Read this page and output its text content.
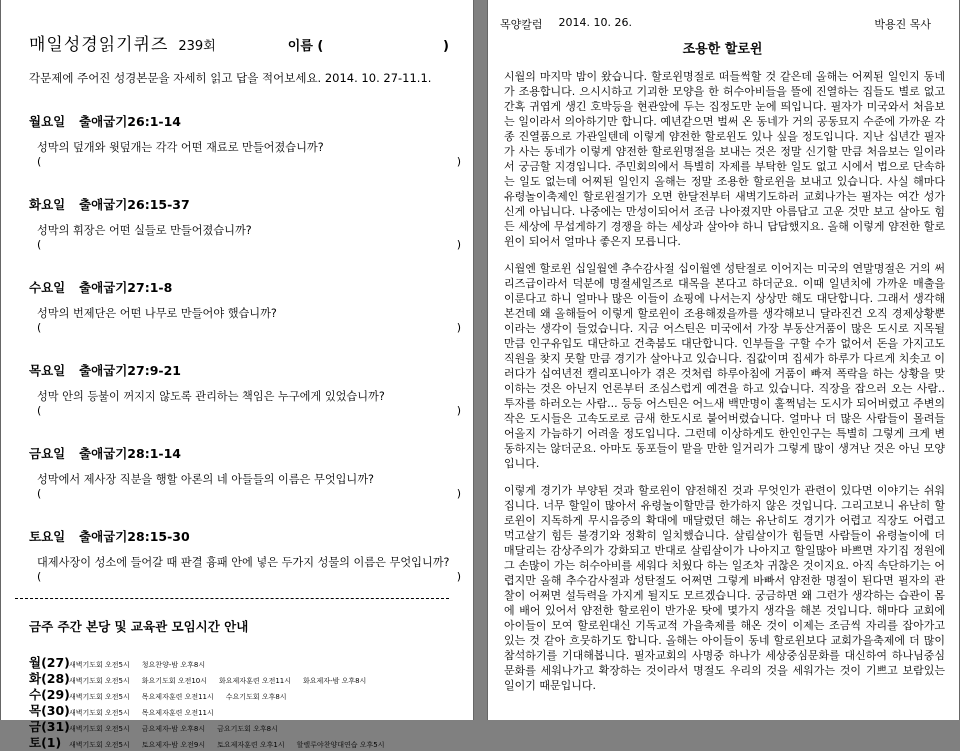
매일성경읽기퀴즈 239회	이름 (	)
각문제에 주어진 성경본문을 자세히 읽고 답을 적어보세요. 2014. 10. 27-11.1.
월요일 출애굽기26:1-14
성막의 덮개와 윗덮개는 각각 어떤 재료로 만들어졌습니까?
(	)
화요일 출애굽기26:15-37
성막의 휘장은 어떤 실들로 만들어졌습니까?
(	)
수요일 출애굽기27:1-8
성막의 번제단은 어떤 나무로 만들어야 했습니까?
(	)
목요일 출애굽기27:9-21
성막 안의 등불이 꺼지지 않도록 관리하는 책임은 누구에게 있었습니까?
(	)
금요일 출애굽기28:1-14
성막에서 제사장 직분을 행할 아론의 네 아들들의 이름은 무엇입니까?
(	)
토요일 출애굽기28:15-30
대제사장이 성소에 들어갈 때 판결 흉패 안에 넣은 두가지 성물의 이름은 무엇입니까?
(	)
금주 주간 본당 및 교육관 모임시간 안내
월(27) 새벽기도회 오전5시 청요찬양-밤 오후8시
화(28) 새벽기도회 오전5시 화요기도회 오전10시 화요제자훈련 오전11시 화요제자-밤 오후8시
수(29) 새벽기도회 오전5시 목요제자훈련 오전11시 수요기도회 오후8시
목(30) 새벽기도회 오전5시 목요제자훈련 오전11시
금(31) 새벽기도회 오전5시 금요제자-밤 오후8시 금요기도회 오후8시
토(1)	새벽기도회 오전5시 토요제자-밤 오전9시 토요제자훈련 오후1시 할렐루야찬양대연습 오후5시
목양칼럼 2014. 10. 26.	박용진 목사
조용한 할로윈
시월의 마지막 밤이 왔습니다. 할로윈명절로 떠들썩할 것 같은데 올해는 어찌된 일인지 동네가 조용합니다. 으시시하고 기괴한 모양을 한 허수아비들을 뜰에 진열하는 집들도 별로 없고 간혹 귀엽게 생긴 호박등을 현관앞에 두는 집정도만 눈에 띄입니다. 필자가 미국와서 처음보는 일이라서 의아하기만 합니다. 예년같으면 벌써 온 동네가 거의 공동묘지 수준에 가까운 각종 진열품으로 가관일텐데 이렇게 얌전한 할로윈도 있나 싶을 정도입니다. 지난 십년간 필자가 사는 동네가 이렇게 얌전한 할로윈명절을 보내는 것은 정말 신기할 만큼 처음보는 일이라서 궁금할 지경입니다. 주민회의에서 특별히 자제를 부탁한 일도 없고 시에서 법으로 단속하는 일도 없는데 어찌된 일인지 올해는 정말 조용한 할로윈을 보내고 있습니다. 사실 해마다 유령놀이축제인 할로윈절기가 오면 한달전부터 새벽기도하러 교회나가는 필자는 여간 성가신게 아닙니다. 나중에는 만성이되어서 조금 나아졌지만 아름답고 고운 것만 보고 살아도 힘든 세상에 무섭게하기 경쟁을 하는 세상과 살아야 하니 답답했지요. 올해 이렇게 얌전한 할로윈이 되어서 얼마나 좋은지 모릅니다.
시월엔 할로윈 십일월엔 추수감사절 십이월엔 성탄절로 이어지는 미국의 연말명절은 거의 써리즈급이라서 덕분에 명절세일즈로 대목을 본다고 하더군요. 이때 일년치에 가까운 매출을 이룬다고 하니 얼마나 많은 이들이 쇼핑에 나서는지 상상만 해도 대단합니다. 그래서 생각해본건데 왜 올해들어 이렇게 할로윈이 조용해졌을까를 생각해보니 달라진건 오직 경제상황뿐이라는 생각이 들었습니다. 지금 어스틴은 미국에서 가장 부동산거품이 많은 도시로 지목될 만큼 인구유입도 대단하고 건축붐도 대단합니다. 인부들을 구할 수가 없어서 돈을 가지고도 직원을 찾지 못할 만큼 경기가 살아나고 있습니다. 집값이며 집세가 하루가 다르게 치솟고 이러다가 십여년전 캘리포니아가 겪은 것처럼 하루아침에 거품이 빠져 폭락을 하는 상황을 맞이하는 것은 아닌지 언론부터 조심스럽게 예견을 하고 있습니다. 직장을 잡으러 오는 사람.. 투자를 하러오는 사람... 등등 어스틴은 어느새 백만명이 훌쩍넘는 도시가 되어버렸고 주변의 작은 도시들은 고속도로로 금새 한도시로 붙어버렸습니다. 얼마나 더 많은 사람들이 몰려들어올지 가늠하기 어려울 정도입니다. 그런데 이상하게도 한인인구는 특별히 그렇게 크게 변동하지는 않더군요. 아마도 동포들이 맡을 만한 일거리가 그렇게 많이 생겨난 것은 아닌 모양입니다.
이렇게 경기가 부양된 것과 할로윈이 얌전해진 것과 무엇인가 관련이 있다면 이야기는 쉬워집니다. 너무 할일이 많아서 유령놀이할만큼 한가하지 않은 것입니다. 그리고보니 유난히 할로윈이 지독하게 무시음증의 확대에 매달렸던 해는 유난히도 경기가 어렵고 직장도 어렵고 먹고살기 힘든 불경기와 정확히 일치했습니다. 살림살이가 힘들면 사람들이 유령놀이에 더 매달리는 감상주의가 강화되고 반대로 살림살이가 나아지고 할일많아 바쁘면 자기집 정원에 그 손많이 가는 허수아비를 세워다 치웠다 하는 일조차 귀찮은 것이지요. 아직 속단하기는 어렵지만 올해 추수감사절과 성탄절도 어쩌면 그렇게 바빠서 얌전한 명절이 된다면 필자의 관찰이 어쩌면 설득력을 가지게 될지도 모르겠습니다. 궁금하면 왜 그런가 생각하는 습관이 몸에 배어 있어서 얌전한 할로윈이 반가운 탓에 몇가지 생각을 해본 것입니다. 해마다 교회에 아이들이 모여 할로윈대신 기독교적 가을축제를 해온 것이 이제는 조금씩 자리를 잡아가고 있는 것 같아 흐뭇하기도 합니다. 올해는 아이들이 동네 할로윈보다 교회가을축제에 더 많이 참석하기를 기대해봅니다. 필자교회의 사명중 하나가 세상중심문화를 대신하여 하나님중심문화를 세워나가고 확장하는 것이라서 명절도 우리의 것을 세워가는 것이 기쁘고 보람있는 일이기 때문입니다.
